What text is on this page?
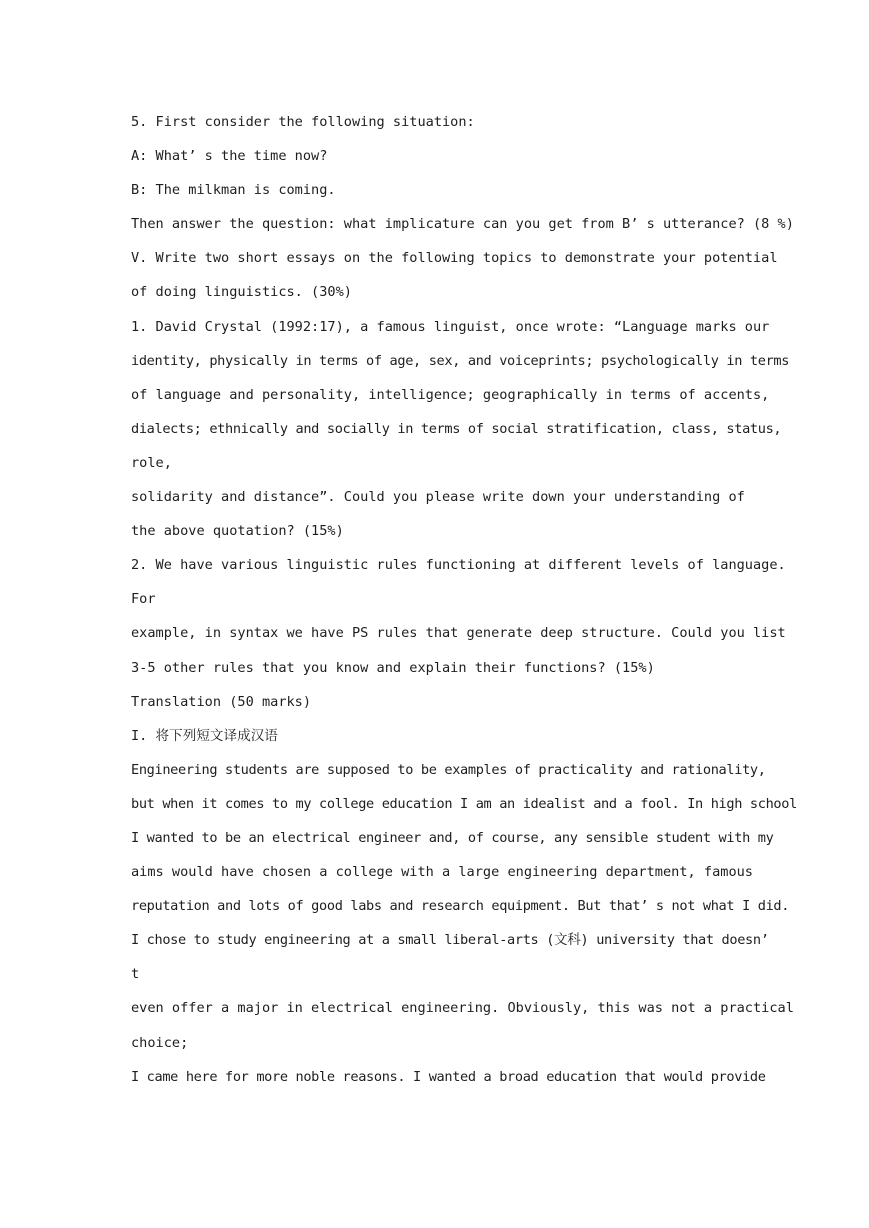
5. First consider the following situation:
A: What’ s the time now?
B: The milkman is coming.
Then answer the question: what implicature can you get from B’ s utterance? (8 %)
V. Write two short essays on the following topics to demonstrate your potential
of doing linguistics. (30%)
1. David Crystal (1992:17), a famous linguist, once wrote: “Language marks our
identity, physically in terms of age, sex, and voiceprints; psychologically in terms
of language and personality, intelligence; geographically in terms of accents,
dialects; ethnically and socially in terms of social stratification, class, status,
role,
solidarity and distance”. Could you please write down your understanding of
the above quotation? (15%)
2. We have various linguistic rules functioning at different levels of language.
For
example, in syntax we have PS rules that generate deep structure. Could you list
3-5 other rules that you know and explain their functions? (15%)
Translation (50 marks)
I. 将下列短文译成汉语
Engineering students are supposed to be examples of practicality and rationality,
but when it comes to my college education I am an idealist and a fool. In high school
I wanted to be an electrical engineer and, of course, any sensible student with my
aims would have chosen a college with a large engineering department, famous
reputation and lots of good labs and research equipment. But that’ s not what I did.
I chose to study engineering at a small liberal-arts (文科) university that doesn’
t
even offer a major in electrical engineering. Obviously, this was not a practical
choice;
I came here for more noble reasons. I wanted a broad education that would provide
